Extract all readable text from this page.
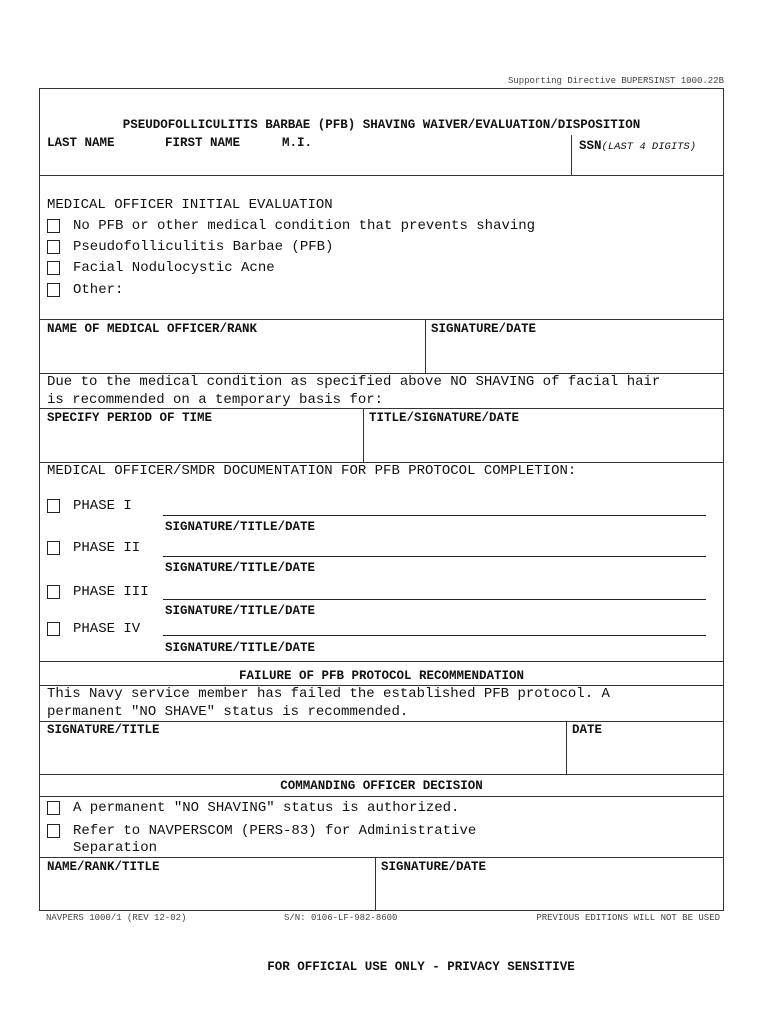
Supporting Directive BUPERSINST 1000.22B
PSEUDOFOLLICULITIS BARBAE (PFB) SHAVING WAIVER/EVALUATION/DISPOSITION
LAST NAME	FIRST NAME	M.I.	SSN(LAST 4 DIGITS)
MEDICAL OFFICER INITIAL EVALUATION
No PFB or other medical condition that prevents shaving
Pseudofolliculitis Barbae (PFB)
Facial Nodulocystic Acne
Other:
NAME OF MEDICAL OFFICER/RANK	SIGNATURE/DATE
Due to the medical condition as specified above NO SHAVING of facial hair
is recommended on a temporary basis for:
SPECIFY PERIOD OF TIME	TITLE/SIGNATURE/DATE
MEDICAL OFFICER/SMDR DOCUMENTATION FOR PFB PROTOCOL COMPLETION:
PHASE I
SIGNATURE/TITLE/DATE
PHASE II
SIGNATURE/TITLE/DATE
PHASE III
SIGNATURE/TITLE/DATE
PHASE IV
SIGNATURE/TITLE/DATE
FAILURE OF PFB PROTOCOL RECOMMENDATION
This Navy service member has failed the established PFB protocol. A
permanent "NO SHAVE" status is recommended.
SIGNATURE/TITLE	DATE
COMMANDING OFFICER DECISION
A permanent "NO SHAVING" status is authorized.
Refer to NAVPERSCOM (PERS-83) for Administrative
Separation
NAME/RANK/TITLE	SIGNATURE/DATE
NAVPERS 1000/1 (REV 12-02)	S/N: 0106-LF-982-8600	PREVIOUS EDITIONS WILL NOT BE USED
FOR OFFICIAL USE ONLY - PRIVACY SENSITIVE
